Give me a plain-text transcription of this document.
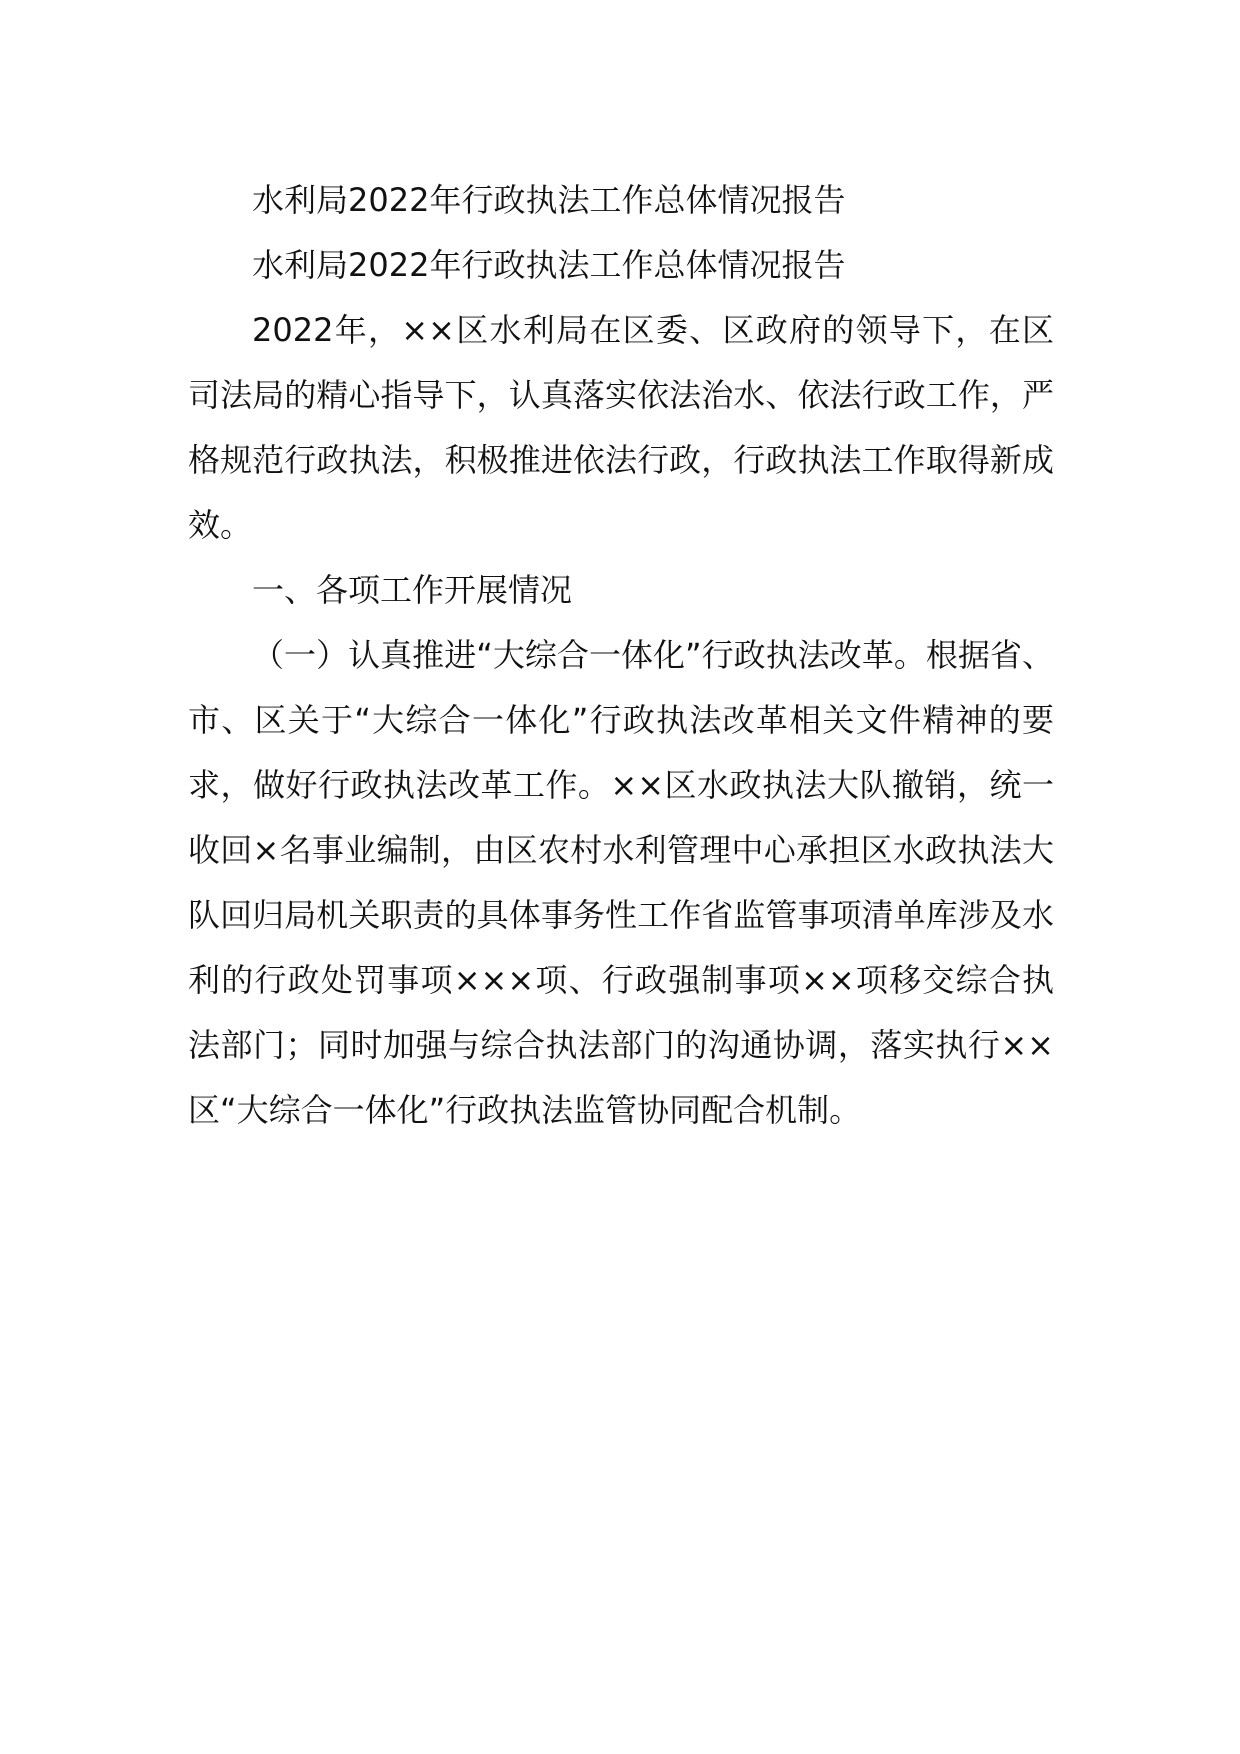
水利局2022年行政执法工作总体情况报告

水利局2022年行政执法工作总体情况报告

2022年，××区水利局在区委、区政府的领导下，在区司法局的精心指导下，认真落实依法治水、依法行政工作，严格规范行政执法，积极推进依法行政，行政执法工作取得新成效。

一、各项工作开展情况

（一）认真推进“大综合一体化”行政执法改革。根据省、市、区关于“大综合一体化”行政执法改革相关文件精神的要求，做好行政执法改革工作。××区水政执法大队撤销，统一收回×名事业编制，由区农村水利管理中心承担区水政执法大队回归局机关职责的具体事务性工作省监管事项清单库涉及水利的行政处罚事项×××项、行政强制事项××项移交综合执法部门；同时加强与综合执法部门的沟通协调，落实执行××区“大综合一体化”行政执法监管协同配合机制。
